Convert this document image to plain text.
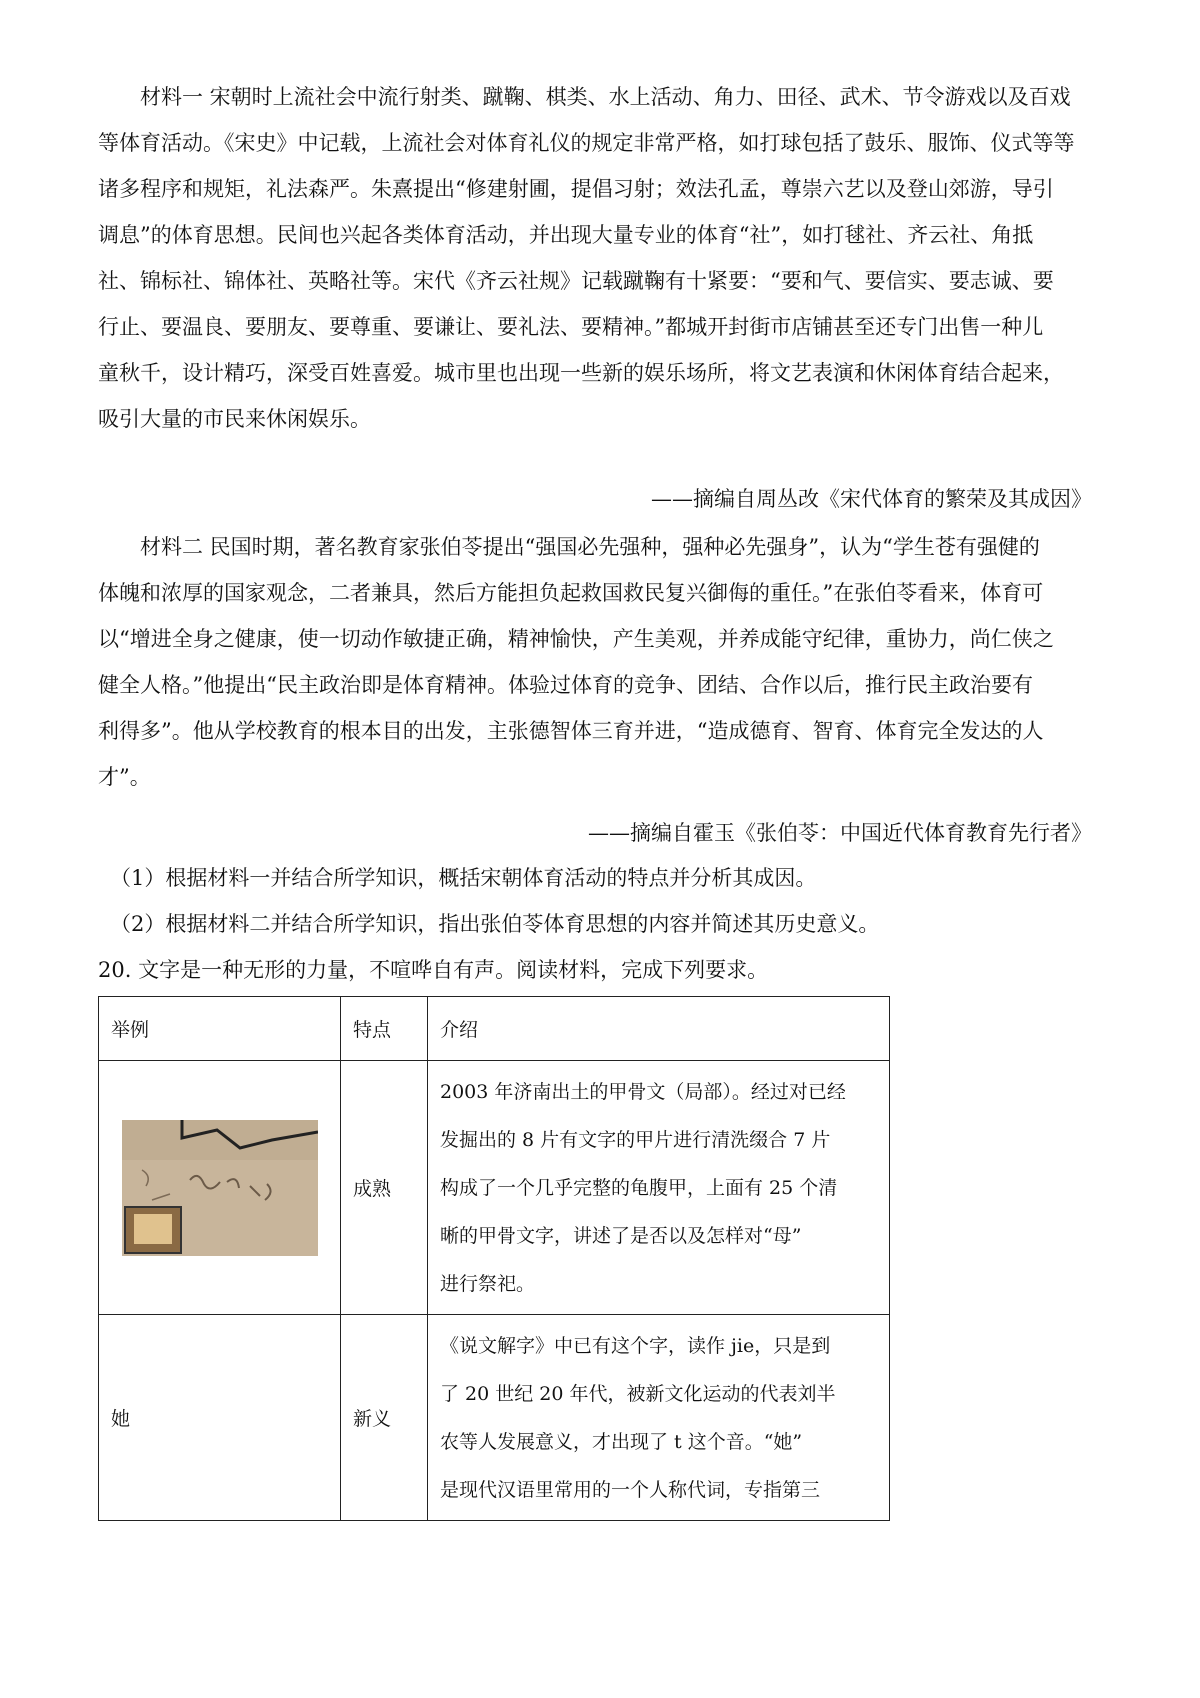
材料一 宋朝时上流社会中流行射类、蹴鞠、棋类、水上活动、角力、田径、武术、节令游戏以及百戏
等体育活动。《宋史》中记载，上流社会对体育礼仪的规定非常严格，如打球包括了鼓乐、服饰、仪式等等
诸多程序和规矩，礼法森严。朱熹提出“修建射圃，提倡习射；效法孔孟，尊崇六艺以及登山郊游，导引
调息”的体育思想。民间也兴起各类体育活动，并出现大量专业的体育“社”，如打毬社、齐云社、角抵
社、锦标社、锦体社、英略社等。宋代《齐云社规》记载蹴鞠有十紧要：“要和气、要信实、要志诚、要
行止、要温良、要朋友、要尊重、要谦让、要礼法、要精神。”都城开封街市店铺甚至还专门出售一种儿
童秋千，设计精巧，深受百姓喜爱。城市里也出现一些新的娱乐场所，将文艺表演和休闲体育结合起来，
吸引大量的市民来休闲娱乐。

——摘编自周丛改《宋代体育的繁荣及其成因》

材料二 民国时期，著名教育家张伯苓提出“强国必先强种，强种必先强身”，认为“学生苍有强健的
体魄和浓厚的国家观念，二者兼具，然后方能担负起救国救民复兴御侮的重任。”在张伯苓看来，体育可
以“增进全身之健康，使一切动作敏捷正确，精神愉快，产生美观，并养成能守纪律，重协力，尚仁侠之
健全人格。”他提出“民主政治即是体育精神。体验过体育的竞争、团结、合作以后，推行民主政治要有
利得多”。他从学校教育的根本目的出发，主张德智体三育并进，“造成德育、智育、体育完全发达的人
才”。

——摘编自霍玉《张伯苓：中国近代体育教育先行者》

（1）根据材料一并结合所学知识，概括宋朝体育活动的特点并分析其成因。

（2）根据材料二并结合所学知识，指出张伯苓体育思想的内容并简述其历史意义。

20. 文字是一种无形的力量，不喧哗自有声。阅读材料，完成下列要求。

举例	特点	介绍

	成熟	2003 年济南出土的甲骨文（局部）。经过对已经
发掘出的 8 片有文字的甲片进行清洗缀合 7 片
构成了一个几乎完整的龟腹甲，上面有 25 个清
晰的甲骨文字，讲述了是否以及怎样对“母”
进行祭祀。

她	新义	《说文解字》中已有这个字，读作 jie，只是到
了 20 世纪 20 年代，被新文化运动的代表刘半
农等人发展意义，才出现了 t 这个音。“她”
是现代汉语里常用的一个人称代词，专指第三
